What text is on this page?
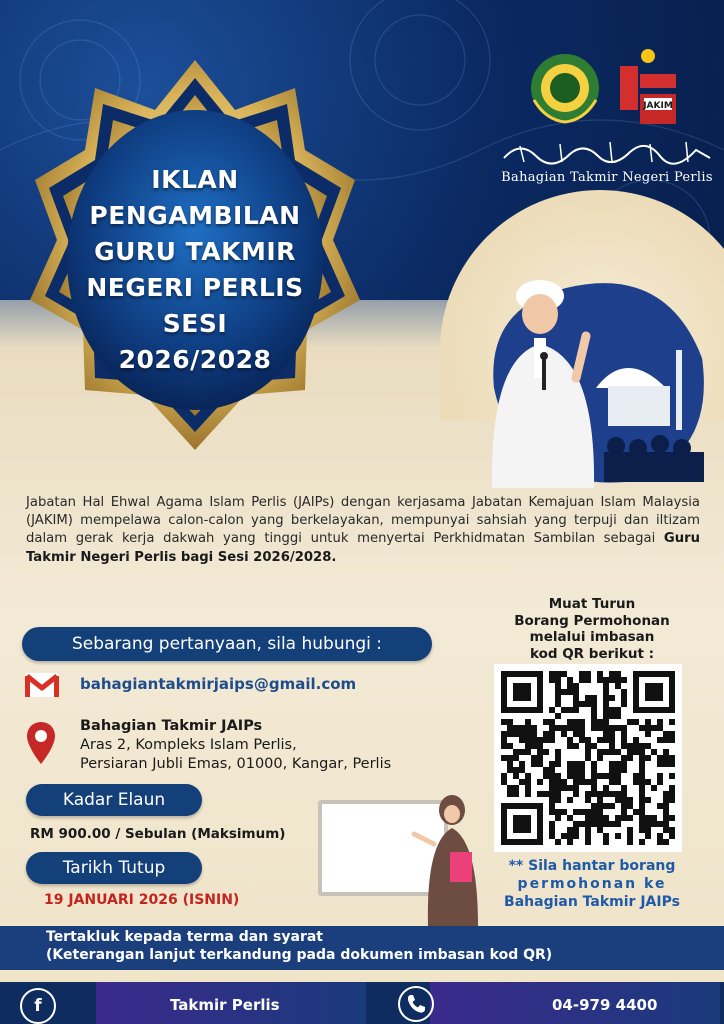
IKLAN
PENGAMBILAN
GURU TAKMIR
NEGERI PERLIS
SESI
2026/2028
JAKIM
Bahagian Takmir Negeri Perlis
Jabatan Hal Ehwal Agama Islam Perlis (JAIPs) dengan kerjasama Jabatan Kemajuan Islam Malaysia (JAKIM) mempelawa calon-calon yang berkelayakan, mempunyai sahsiah yang terpuji dan iltizam dalam gerak kerja dakwah yang tinggi untuk menyertai Perkhidmatan Sambilan sebagai Guru Takmir Negeri Perlis bagi Sesi 2026/2028.
Sebarang pertanyaan, sila hubungi :
bahagiantakmirjaips@gmail.com
Bahagian Takmir JAIPs
Aras 2, Kompleks Islam Perlis,
Persiaran Jubli Emas, 01000, Kangar, Perlis
Kadar Elaun
RM 900.00 / Sebulan (Maksimum)
Tarikh Tutup
19 JANUARI 2026 (ISNIN)
Muat Turun
Borang Permohonan
melalui imbasan
kod QR berikut :
** Sila hantar borang
permohonan ke
Bahagian Takmir JAIPs
Tertakluk kepada terma dan syarat
(Keterangan lanjut terkandung pada dokumen imbasan kod QR)
f	Takmir Perlis	04-979 4400
